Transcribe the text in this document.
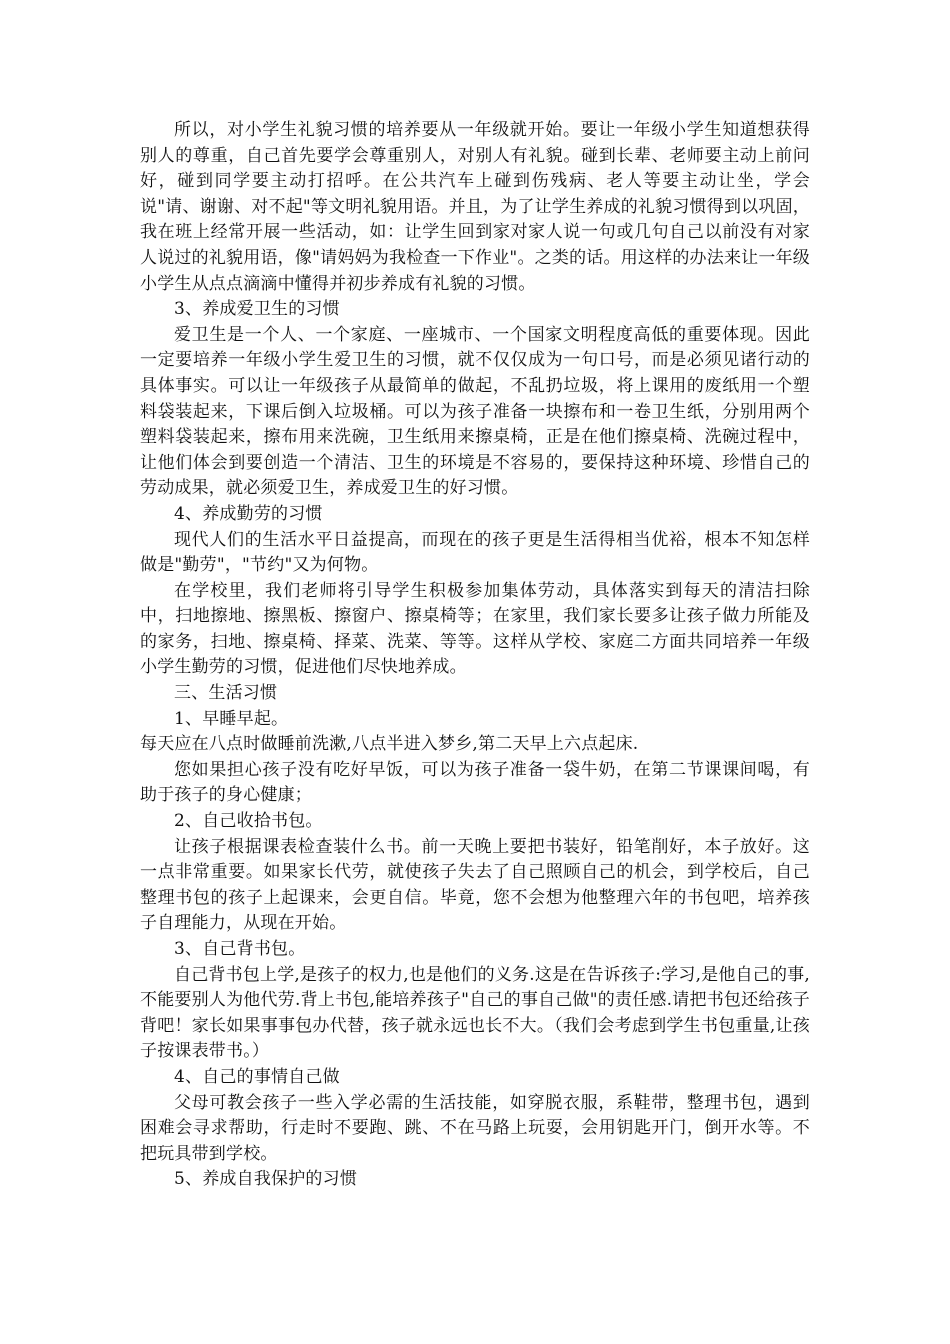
所以，对小学生礼貌习惯的培养要从一年级就开始。要让一年级小学生知道想获得别人的尊重，自己首先要学会尊重别人，对别人有礼貌。碰到长辈、老师要主动上前问好，碰到同学要主动打招呼。在公共汽车上碰到伤残病、老人等要主动让坐，学会说"请、谢谢、对不起"等文明礼貌用语。并且，为了让学生养成的礼貌习惯得到以巩固，我在班上经常开展一些活动，如：让学生回到家对家人说一句或几句自己以前没有对家人说过的礼貌用语，像"请妈妈为我检查一下作业"。之类的话。用这样的办法来让一年级小学生从点点滴滴中懂得并初步养成有礼貌的习惯。

3、养成爱卫生的习惯

爱卫生是一个人、一个家庭、一座城市、一个国家文明程度高低的重要体现。因此一定要培养一年级小学生爱卫生的习惯，就不仅仅成为一句口号，而是必须见诸行动的具体事实。可以让一年级孩子从最简单的做起，不乱扔垃圾，将上课用的废纸用一个塑料袋装起来，下课后倒入垃圾桶。可以为孩子准备一块擦布和一卷卫生纸，分别用两个塑料袋装起来，擦布用来洗碗，卫生纸用来擦桌椅，正是在他们擦桌椅、洗碗过程中，让他们体会到要创造一个清洁、卫生的环境是不容易的，要保持这种环境、珍惜自己的劳动成果，就必须爱卫生，养成爱卫生的好习惯。

4、养成勤劳的习惯

现代人们的生活水平日益提高，而现在的孩子更是生活得相当优裕，根本不知怎样做是"勤劳"，"节约"又为何物。

在学校里，我们老师将引导学生积极参加集体劳动，具体落实到每天的清洁扫除中，扫地擦地、擦黑板、擦窗户、擦桌椅等；在家里，我们家长要多让孩子做力所能及的家务，扫地、擦桌椅、择菜、洗菜、等等。这样从学校、家庭二方面共同培养一年级小学生勤劳的习惯，促进他们尽快地养成。

三、生活习惯

1、早睡早起。

每天应在八点时做睡前洗漱,八点半进入梦乡,第二天早上六点起床.

您如果担心孩子没有吃好早饭，可以为孩子准备一袋牛奶，在第二节课课间喝，有助于孩子的身心健康；

2、自己收拾书包。

让孩子根据课表检查装什么书。前一天晚上要把书装好，铅笔削好，本子放好。这一点非常重要。如果家长代劳，就使孩子失去了自己照顾自己的机会，到学校后，自己整理书包的孩子上起课来，会更自信。毕竟，您不会想为他整理六年的书包吧，培养孩子自理能力，从现在开始。

3、自己背书包。

自己背书包上学,是孩子的权力,也是他们的义务.这是在告诉孩子:学习,是他自己的事,不能要别人为他代劳.背上书包,能培养孩子"自己的事自己做"的责任感.请把书包还给孩子背吧！家长如果事事包办代替，孩子就永远也长不大。（我们会考虑到学生书包重量,让孩子按课表带书。）

4、自己的事情自己做

父母可教会孩子一些入学必需的生活技能，如穿脱衣服，系鞋带，整理书包，遇到困难会寻求帮助，行走时不要跑、跳、不在马路上玩耍，会用钥匙开门，倒开水等。不把玩具带到学校。

5、养成自我保护的习惯
